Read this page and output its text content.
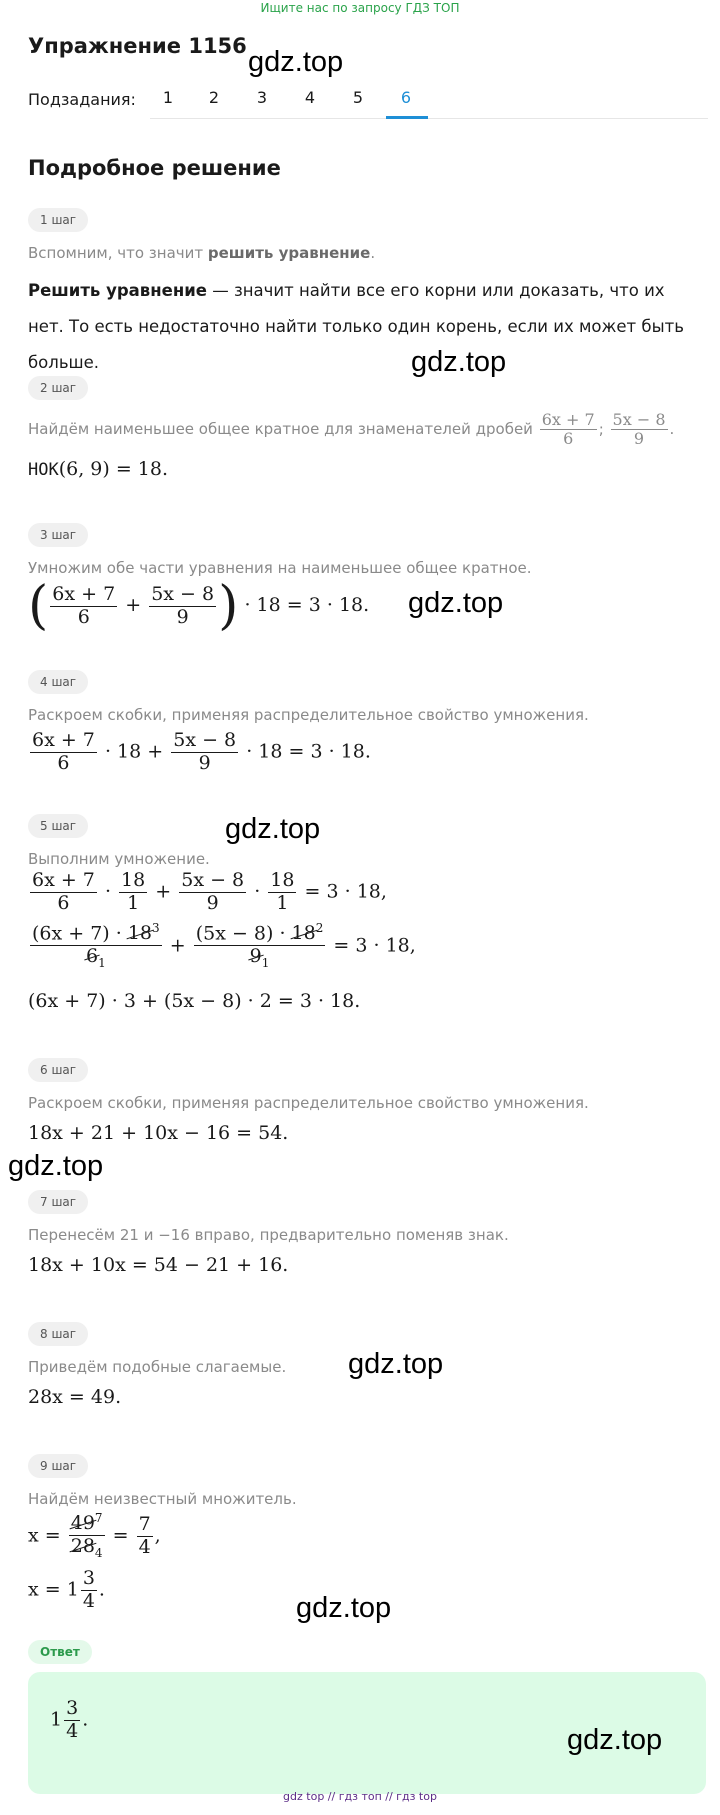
Ищите нас по запросу ГДЗ ТОП
Упражнение 1156
Подзадания:	1	2	3	4	5	6
Подробное решение
1 шаг
Вспомним, что значит решить уравнение.
Решить уравнение — значит найти все его корни или доказать, что их нет. То есть недостаточно найти только один корень, если их может быть больше.
2 шаг
Найдём наименьшее общее кратное для знаменателей дробей $\frac{6x + 7}{6}$ ; $\frac{5x - 8}{9}$ .
НОК(6, 9) = 18.
3 шаг
Умножим обе части уравнения на наименьшее общее кратное.
( $\frac{6x + 7}{6} + \frac{5x - 8}{9}$ ) · 18 = 3 · 18.
4 шаг
Раскроем скобки, применяя распределительное свойство умножения.
$\frac{6x + 7}{6} \cdot 18 + \frac{5x - 8}{9} \cdot 18 = 3 \cdot 18$.
5 шаг
Выполним умножение.
$\frac{6x + 7}{6} \cdot \frac{18}{1} + \frac{5x - 8}{9} \cdot \frac{18}{1} = 3 \cdot 18$,
$\frac{(6x + 7) \cdot 18^3}{6_1} + \frac{(5x - 8) \cdot 18^2}{9_1} = 3 \cdot 18$,
(6x + 7) · 3 + (5x − 8) · 2 = 3 · 18.
6 шаг
Раскроем скобки, применяя распределительное свойство умножения.
18x + 21 + 10x − 16 = 54.
7 шаг
Перенесём 21 и −16 вправо, предварительно поменяв знак.
18x + 10x = 54 − 21 + 16.
8 шаг
Приведём подобные слагаемые.
28x = 49.
9 шаг
Найдём неизвестный множитель.
$x = \frac{49^7}{28_4} = \frac{7}{4}$ ,
$x = 1 \frac{3}{4}$ .
Ответ
$1 \frac{3}{4}$ .
gdz.top
gdz.top
gdz.top
gdz.top
gdz.top
gdz.top
gdz.top
gdz.top
gdz top // гдз топ // гдз top
